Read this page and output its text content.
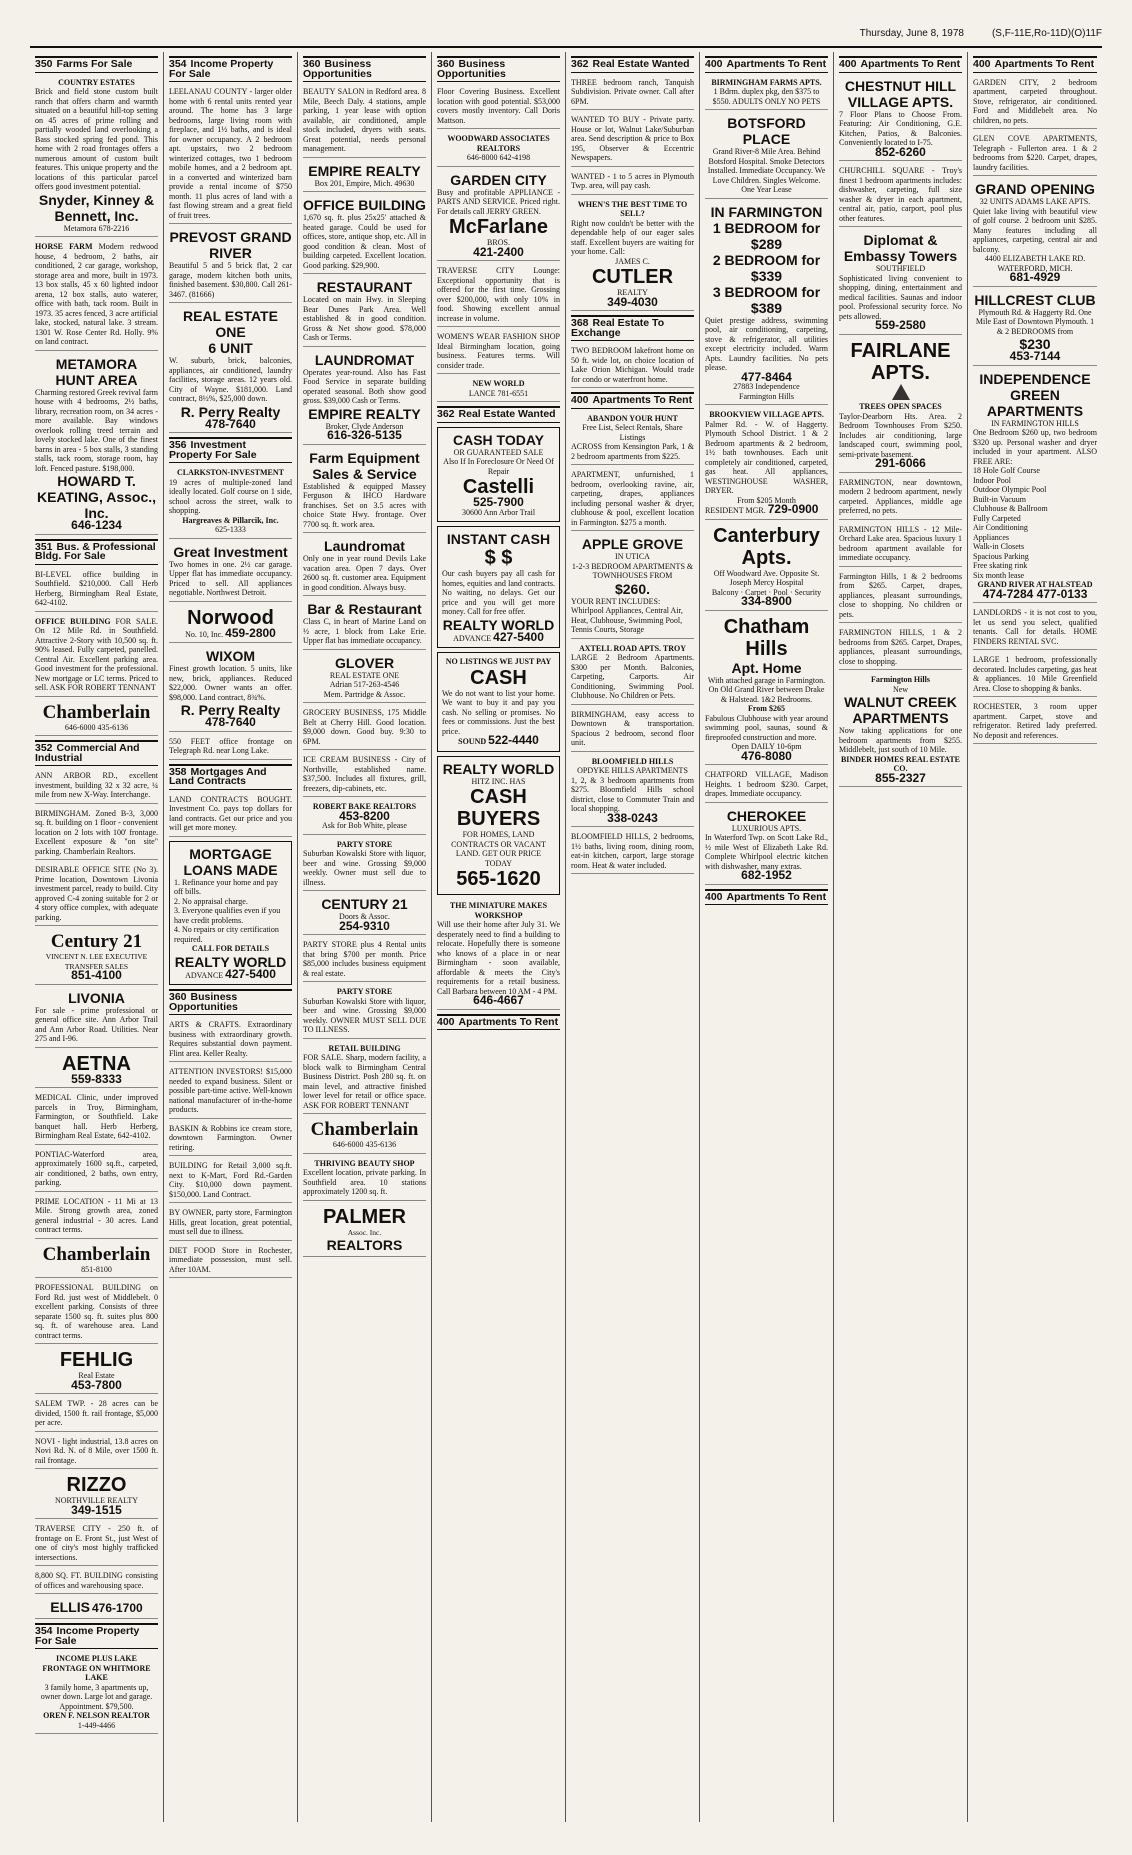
Thursday, June 8, 1978	(S,F-11E,Ro-11D)(O)11F
350 Farms For Sale
COUNTRY ESTATES
Brick and field stone custom built ranch that offers charm and warmth situated on a beautiful hill-top setting on 45 acres of prime rolling and partially wooded land overlooking a Bass stocked spring fed pond. This home with 2 road frontages offers a numerous amount of custom built features. This unique property and the locations of this particular parcel offers good investment potential.
Snyder, Kinney & Bennett, Inc.
Metamora 678-2216
HORSE FARM Modern redwood house, 4 bedroom, 2 baths, air conditioned, 2 car garage, workshop, storage area and more, built in 1973. 13 box stalls, 45 x 60 lighted indoor arena, 12 box stalls, auto waterer, office with bath, tack room. Built in 1973. 35 acres fenced, 3 acre artificial lake, stocked, natural lake. 3 stream. 1301 W. Rose Center Rd. Holly. 9% on land contract.
METAMORA HUNT AREA
Charming restored Greek revival farm house with 4 bedrooms, 2½ baths, library, recreation room, on 34 acres - more available. Bay windows overlook rolling treed terrain and lovely stocked lake. One of the finest barns in area - 5 box stalls, 3 standing stalls, tack room, storage room, hay loft. Fenced pasture. $198,000.
HOWARD T. KEATING, Assoc., Inc.
646-1234
351 Bus. & Professional Bldg. For Sale
BI-LEVEL office building in Southfield. $210,000. Call Herb Herberg, Birmingham Real Estate, 642-4102.
OFFICE BUILDING FOR SALE. On 12 Mile Rd. in Southfield. Attractive 2-Story with 10,500 sq. ft. 90% leased. Fully carpeted, panelled. Central Air. Excellent parking area. Good investment for the professional. New mortgage or LC terms. Priced to sell. ASK FOR ROBERT TENNANT
Chamberlain
646-6000 435-6136
352 Commercial And Industrial
ANN ARBOR RD., excellent investment, building 32 x 32 acre, ¼ mile from new X-Way. Interchange.
BIRMINGHAM. Zoned B-3, 3,000 sq. ft. building on 1 floor - convenient location on 2 lots with 100' frontage. Excellent exposure & "on site" parking. Chamberlain Realtors.
DESIRABLE OFFICE SITE (No 3). Prime location, Downtown Livonia investment parcel, ready to build. City approved C-4 zoning suitable for 2 or 4 story office complex, with adequate parking.
Century 21
VINCENT N. LEE EXECUTIVE TRANSFER SALES
851-4100
LIVONIA
For sale - prime professional or general office site. Ann Arbor Trail and Ann Arbor Road. Utilities. Near 275 and I-96.
AETNA
559-8333
MEDICAL Clinic, under improved parcels in Troy, Birmingham, Farmington, or Southfield. Lake banquet hall. Herb Herberg, Birmingham Real Estate, 642-4102.
PONTIAC-Waterford area, approximately 1600 sq.ft., carpeted, air conditioned, 2 baths, own entry, parking.
PRIME LOCATION - 11 Mi at 13 Mile. Strong growth area, zoned general industrial - 30 acres. Land contract terms.
Chamberlain
851-8100
PROFESSIONAL BUILDING on Ford Rd. just west of Middlebelt. 0 excellent parking. Consists of three separate 1500 sq. ft. suites plus 800 sq. ft. of warehouse area. Land contract terms.
FEHLIG
Real Estate
453-7800
SALEM TWP. - 28 acres can be divided, 1500 ft. rail frontage, $5,000 per acre.
NOVI - light industrial, 13.8 acres on Novi Rd. N. of 8 Mile, over 1500 ft. rail frontage.
RIZZO
NORTHVILLE REALTY
349-1515
TRAVERSE CITY - 250 ft. of frontage on E. Front St., just West of one of city's most highly trafficked intersections.
8,800 SQ. FT. BUILDING consisting of offices and warehousing space.
ELLIS 476-1700
354 Income Property For Sale
INCOME PLUS LAKE FRONTAGE ON WHITMORE LAKE
3 family home, 3 apartments up, owner down. Large lot and garage. Appointment. $79,500.
OREN F. NELSON REALTOR
1-449-4466
354 Income Property For Sale
LEELANAU COUNTY - larger older home with 6 rental units rented year around. The home has 3 large bedrooms, large living room with fireplace, and 1½ baths, and is ideal for owner occupancy. A 2 bedroom apt. upstairs, two 2 bedroom winterized cottages, two 1 bedroom mobile homes, and a 2 bedroom apt. in a converted and winterized barn provide a rental income of $750 month. 11 plus acres of land with a fast flowing stream and a great field of fruit trees.
PREVOST GRAND RIVER
Beautiful 5 and 5 brick flat, 2 car garage, modern kitchen both units, finished basement. $30,800. Call 261-3467. (81666)
REAL ESTATE ONE
6 UNIT
W. suburb, brick, balconies, appliances, air conditioned, laundry facilities, storage areas. 12 years old. City of Wayne. $181,000. Land contract, 8½%, $25,000 down.
R. Perry Realty
478-7640
356 Investment Property For Sale
CLARKSTON-INVESTMENT
19 acres of multiple-zoned land ideally located. Golf course on 1 side, school across the street, walk to shopping.
Hargreaves & Pillarcik, Inc.
625-1333
Great Investment
Two homes in one. 2½ car garage. Upper flat has immediate occupancy. Priced to sell. All appliances negotiable. Northwest Detroit.
Norwood
No. 10, Inc. 459-2800
WIXOM
Finest growth location. 5 units, like new, brick, appliances. Reduced $22,000. Owner wants an offer. $98,000. Land contract, 8¾%.
R. Perry Realty
478-7640
550 FEET office frontage on Telegraph Rd. near Long Lake.
358 Mortgages And Land Contracts
LAND CONTRACTS BOUGHT. Investment Co. pays top dollars for land contracts. Get our price and you will get more money.
MORTGAGE LOANS MADE
1. Refinance your home and pay off bills.
2. No appraisal charge.
3. Everyone qualifies even if you have credit problems.
4. No repairs or city certification required.
CALL FOR DETAILS
REALTY WORLD
ADVANCE 427-5400
360 Business Opportunities
ARTS & CRAFTS. Extraordinary business with extraordinary growth. Requires substantial down payment. Flint area. Keller Realty.
ATTENTION INVESTORS! $15,000 needed to expand business. Silent or possible part-time active. Well-known national manufacturer of in-the-home products.
BASKIN & Robbins ice cream store, downtown Farmington. Owner retiring.
BUILDING for Retail 3,000 sq.ft. next to K-Mart, Ford Rd.-Garden City. $10,000 down payment. $150,000. Land Contract.
BY OWNER, party store, Farmington Hills, great location, great potential, must sell due to illness.
DIET FOOD Store in Rochester, immediate possession, must sell. After 10AM.
360 Business Opportunities
BEAUTY SALON in Redford area. 8 Mile, Beech Daly. 4 stations, ample parking, 1 year lease with option available, air conditioned, ample stock included, dryers with seats. Great potential, needs personal management.
EMPIRE REALTY
Box 201, Empire, Mich. 49630
OFFICE BUILDING
1,670 sq. ft. plus 25x25' attached & heated garage. Could be used for offices, store, antique shop, etc. All in good condition & clean. Most of building carpeted. Excellent location. Good parking. $29,900.
RESTAURANT
Located on main Hwy. in Sleeping Bear Dunes Park Area. Well established & in good condition. Gross & Net show good. $78,000 Cash or Terms.
LAUNDROMAT
Operates year-round. Also has Fast Food Service in separate building operated seasonal. Both show good gross. $39,000 Cash or Terms.
EMPIRE REALTY
Broker, Clyde Anderson
616-326-5135
Farm Equipment Sales & Service
Established & equipped Massey Ferguson & IHCO Hardware franchises. Set on 3.5 acres with choice State Hwy. frontage. Over 7700 sq. ft. work area.
Laundromat
Only one in year round Devils Lake vacation area. Open 7 days. Over 2600 sq. ft. customer area. Equipment in good condition. Always busy.
Bar & Restaurant
Class C, in heart of Marine Land on ½ acre, 1 block from Lake Erie. Upper flat has immediate occupancy.
GLOVER
REAL ESTATE ONE
Adrian 517-263-4546
Mem. Partridge & Assoc.
GROCERY BUSINESS, 175 Middle Belt at Cherry Hill. Good location. $9,000 down. Good buy. 9:30 to 6PM.
ICE CREAM BUSINESS - City of Northville, established name. $37,500. Includes all fixtures, grill, freezers, dip-cabinets, etc.
ROBERT BAKE REALTORS
453-8200
Ask for Bob White, please
PARTY STORE
Suburban Kowalski Store with liquor, beer and wine. Grossing $9,000 weekly. Owner must sell due to illness.
CENTURY 21
Doors & Assoc.
254-9310
PARTY STORE plus 4 Rental units that bring $700 per month. Price $85,000 includes business equipment & real estate.
PARTY STORE
Suburban Kowalski Store with liquor, beer and wine. Grossing $9,000 weekly. OWNER MUST SELL DUE TO ILLNESS.
RETAIL BUILDING
FOR SALE. Sharp, modern facility, a block walk to Birmingham Central Business District. Posh 280 sq. ft. on main level, and attractive finished lower level for retail or office space. ASK FOR ROBERT TENNANT
Chamberlain
646-6000 435-6136
THRIVING BEAUTY SHOP
Excellent location, private parking. In Southfield area. 10 stations approximately 1200 sq. ft.
PALMER
Assoc. Inc.
REALTORS
360 Business Opportunities
Floor Covering Business. Excellent location with good potential. $53,000 covers mostly inventory. Call Doris Mattson.
WOODWARD ASSOCIATES REALTORS
646-8000 642-4198
GARDEN CITY
Busy and profitable APPLIANCE - PARTS AND SERVICE. Priced right. For details call JERRY GREEN.
McFarlane
BROS.
421-2400
TRAVERSE CITY Lounge: Exceptional opportunity that is offered for the first time. Grossing over $200,000, with only 10% in food. Showing excellent annual increase in volume.
WOMEN'S WEAR FASHION SHOP Ideal Birmingham location, going business. Features terms. Will consider trade.
NEW WORLD
LANCE 781-6551
362 Real Estate Wanted
CASH TODAY
OR GUARANTEED SALE
Also If In Foreclosure Or Need Of Repair
Castelli
525-7900
30600 Ann Arbor Trail
INSTANT CASH
$ $
Our cash buyers pay all cash for homes, equities and land contracts. No waiting, no delays. Get our price and you will get more money. Call for free offer.
REALTY WORLD
ADVANCE 427-5400
NO LISTINGS WE JUST PAY
CASH
We do not want to list your home. We want to buy it and pay you cash. No selling or promises. No fees or commissions. Just the best price.
SOUND 522-4440
REALTY WORLD
HITZ INC. HAS
CASH BUYERS
FOR HOMES, LAND CONTRACTS OR VACANT LAND. GET OUR PRICE TODAY
565-1620
THE MINIATURE MAKES WORKSHOP
Will use their home after July 31. We desperately need to find a building to relocate. Hopefully there is someone who knows of a place in or near Birmingham - soon available, affordable & meets the City's requirements for a retail business. Call Barbara between 10 AM - 4 PM.
646-4667
400 Apartments To Rent
362 Real Estate Wanted
THREE bedroom ranch, Tanquish Subdivision. Private owner. Call after 6PM.
WANTED TO BUY - Private party. House or lot, Walnut Lake/Suburban area. Send description & price to Box 195, Observer & Eccentric Newspapers.
WANTED - 1 to 5 acres in Plymouth Twp. area, will pay cash.
WHEN'S THE BEST TIME TO SELL?
Right now couldn't be better with the dependable help of our eager sales staff. Excellent buyers are waiting for your home. Call:
JAMES C.
CUTLER
REALTY
349-4030
368 Real Estate To Exchange
TWO BEDROOM lakefront home on 50 ft. wide lot, on choice location of Lake Orion Michigan. Would trade for condo or waterfront home.
400 Apartments To Rent
ABANDON YOUR HUNT
Free List, Select Rentals, Share Listings
ACROSS from Kensington Park, 1 & 2 bedroom apartments from $225.
APARTMENT, unfurnished, 1 bedroom, overlooking ravine, air, carpeting, drapes, appliances including personal washer & dryer, clubhouse & pool, excellent location in Farmington. $275 a month.
APPLE GROVE
IN UTICA
1-2-3 BEDROOM APARTMENTS & TOWNHOUSES FROM
$260.
YOUR RENT INCLUDES: Whirlpool Appliances, Central Air, Heat, Clubhouse, Swimming Pool, Tennis Courts, Storage
AXTELL ROAD APTS. TROY
LARGE 2 Bedroom Apartments. $300 per Month. Balconies, Carpeting, Carports. Air Conditioning, Swimming Pool. Clubhouse. No Children or Pets.
BIRMINGHAM, easy access to Downtown & transportation. Spacious 2 bedroom, second floor unit.
BLOOMFIELD HILLS
OPDYKE HILLS APARTMENTS
1, 2, & 3 bedroom apartments from $275. Bloomfield Hills school district, close to Commuter Train and local shopping.
338-0243
BLOOMFIELD HILLS, 2 bedrooms, 1½ baths, living room, dining room, eat-in kitchen, carport, large storage room. Heat & water included.
400 Apartments To Rent
BIRMINGHAM FARMS APTS.
1 Bdrm. duplex pkg, den $375 to $550. ADULTS ONLY NO PETS
BOTSFORD PLACE
Grand River-8 Mile Area. Behind Botsford Hospital. Smoke Detectors Installed. Immediate Occupancy. We Love Children. Singles Welcome. One Year Lease
IN FARMINGTON
1 BEDROOM for $289
2 BEDROOM for $339
3 BEDROOM for $389
Quiet prestige address, swimming pool, air conditioning, carpeting, stove & refrigerator, all utilities except electricity included. Warm Apts. Laundry facilities. No pets please.
477-8464
27883 Independence
Farmington Hills
BROOKVIEW VILLAGE APTS.
Palmer Rd. - W. of Haggerty. Plymouth School District. 1 & 2 Bedroom apartments & 2 bedroom, 1½ bath townhouses. Each unit completely air conditioned, carpeted, gas heat. All appliances, WESTINGHOUSE WASHER, DRYER.
From $205 Month
RESIDENT MGR. 729-0900
Canterbury Apts.
Off Woodward Ave. Opposite St. Joseph Mercy Hospital
Balcony · Carpet · Pool · Security
334-8900
Chatham Hills
Apt. Home
With attached garage in Farmington. On Old Grand River between Drake & Halstead. 1&2 Bedrooms.
From $265
Fabulous Clubhouse with year around swimming pool, saunas, sound & fireproofed construction and more.
Open DAILY 10-6pm
476-8080
CHATFORD VILLAGE, Madison Heights. 1 bedroom $230. Carpet, drapes. Immediate occupancy.
CHEROKEE
LUXURIOUS APTS.
In Waterford Twp. on Scott Lake Rd., ½ mile West of Elizabeth Lake Rd. Complete Whirlpool electric kitchen with dishwasher, many extras.
682-1952
400 Apartments To Rent
400 Apartments To Rent
CHESTNUT HILL VILLAGE APTS.
7 Floor Plans to Choose From. Featuring: Air Conditioning, G.E. Kitchen, Patios, & Balconies. Conveniently located to I-75.
852-6260
CHURCHILL SQUARE - Troy's finest 1 bedroom apartments includes: dishwasher, carpeting, full size washer & dryer in each apartment, central air, patio, carport, pool plus other features.
Diplomat & Embassy Towers
SOUTHFIELD
Sophisticated living convenient to shopping, dining, entertainment and medical facilities. Saunas and indoor pool. Professional security force. No pets allowed.
559-2580
FAIRLANE APTS.
TREES OPEN SPACES
Taylor-Dearborn Hts. Area. 2 Bedroom Townhouses From $250. Includes air conditioning, large landscaped court, swimming pool, semi-private basement.
291-6066
FARMINGTON, near downtown, modern 2 bedroom apartment, newly carpeted. Appliances, middle age preferred, no pets.
FARMINGTON HILLS - 12 Mile-Orchard Lake area. Spacious luxury 1 bedroom apartment available for immediate occupancy.
Farmington Hills, 1 & 2 bedrooms from $265. Carpet, drapes, appliances, pleasant surroundings, close to shopping. No children or pets.
FARMINGTON HILLS, 1 & 2 bedrooms from $265. Carpet, Drapes, appliances, pleasant surroundings, close to shopping.
Farmington Hills
New
WALNUT CREEK APARTMENTS
Now taking applications for one bedroom apartments from $255. Middlebelt, just south of 10 Mile.
BINDER HOMES REAL ESTATE CO.
855-2327
400 Apartments To Rent
GARDEN CITY, 2 bedroom apartment, carpeted throughout. Stove, refrigerator, air conditioned. Ford and Middlebelt area. No children, no pets.
GLEN COVE APARTMENTS, Telegraph - Fullerton area. 1 & 2 bedrooms from $220. Carpet, drapes, laundry facilities.
GRAND OPENING
32 UNITS ADAMS LAKE APTS.
Quiet lake living with beautiful view of golf course. 2 bedroom unit $285. Many features including all appliances, carpeting, central air and balcony.
4400 ELIZABETH LAKE RD. WATERFORD, MICH.
681-4929
HILLCREST CLUB
Plymouth Rd. & Haggerty Rd. One Mile East of Downtown Plymouth. 1 & 2 BEDROOMS from
$230
453-7144
INDEPENDENCE GREEN APARTMENTS
IN FARMINGTON HILLS
One Bedroom $260 up, two bedroom $320 up. Personal washer and dryer included in your apartment. ALSO FREE ARE:
18 Hole Golf Course
Indoor Pool
Outdoor Olympic Pool
Built-in Vacuum
Clubhouse & Ballroom
Fully Carpeted
Air Conditioning
Appliances
Walk-in Closets
Spacious Parking
Free skating rink
Six month lease
GRAND RIVER AT HALSTEAD
474-7284 477-0133
LANDLORDS - it is not cost to you, let us send you select, qualified tenants. Call for details. HOME FINDERS RENTAL SVC.
LARGE 1 bedroom, professionally decorated. Includes carpeting, gas heat & appliances. 10 Mile Greenfield Area. Close to shopping & banks.
ROCHESTER, 3 room upper apartment. Carpet, stove and refrigerator. Retired lady preferred. No deposit and references.
